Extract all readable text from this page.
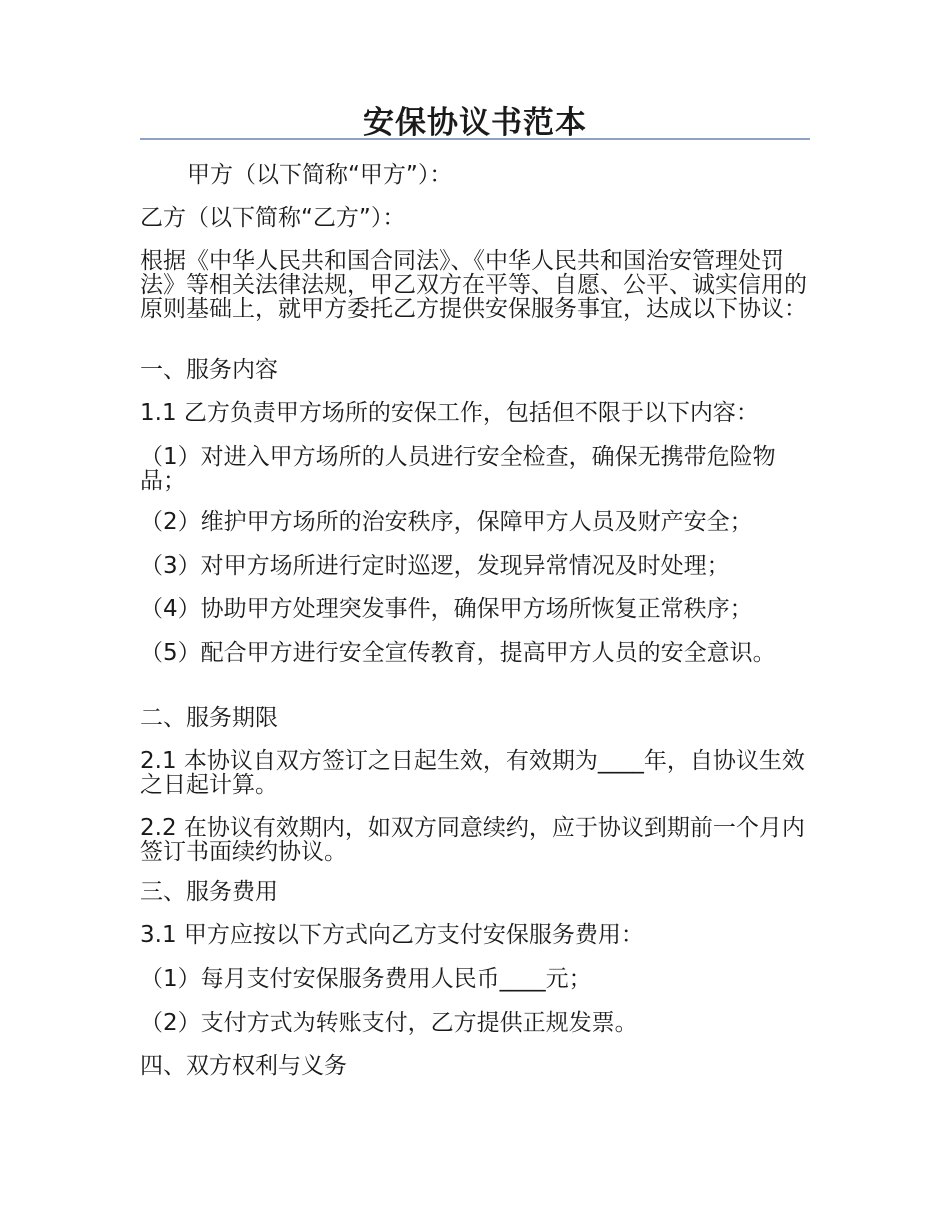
安保协议书范本
甲方（以下简称“甲方”）：
乙方（以下简称“乙方”）：
根据《中华人民共和国合同法》、《中华人民共和国治安管理处罚法》等相关法律法规，甲乙双方在平等、自愿、公平、诚实信用的原则基础上，就甲方委托乙方提供安保服务事宜，达成以下协议：
一、服务内容
1.1 乙方负责甲方场所的安保工作，包括但不限于以下内容：
（1）对进入甲方场所的人员进行安全检查，确保无携带危险物品；
（2）维护甲方场所的治安秩序，保障甲方人员及财产安全；
（3）对甲方场所进行定时巡逻，发现异常情况及时处理；
（4）协助甲方处理突发事件，确保甲方场所恢复正常秩序；
（5）配合甲方进行安全宣传教育，提高甲方人员的安全意识。
二、服务期限
2.1 本协议自双方签订之日起生效，有效期为____年，自协议生效之日起计算。
2.2 在协议有效期内，如双方同意续约，应于协议到期前一个月内签订书面续约协议。
三、服务费用
3.1 甲方应按以下方式向乙方支付安保服务费用：
（1）每月支付安保服务费用人民币____元；
（2）支付方式为转账支付，乙方提供正规发票。
四、双方权利与义务
